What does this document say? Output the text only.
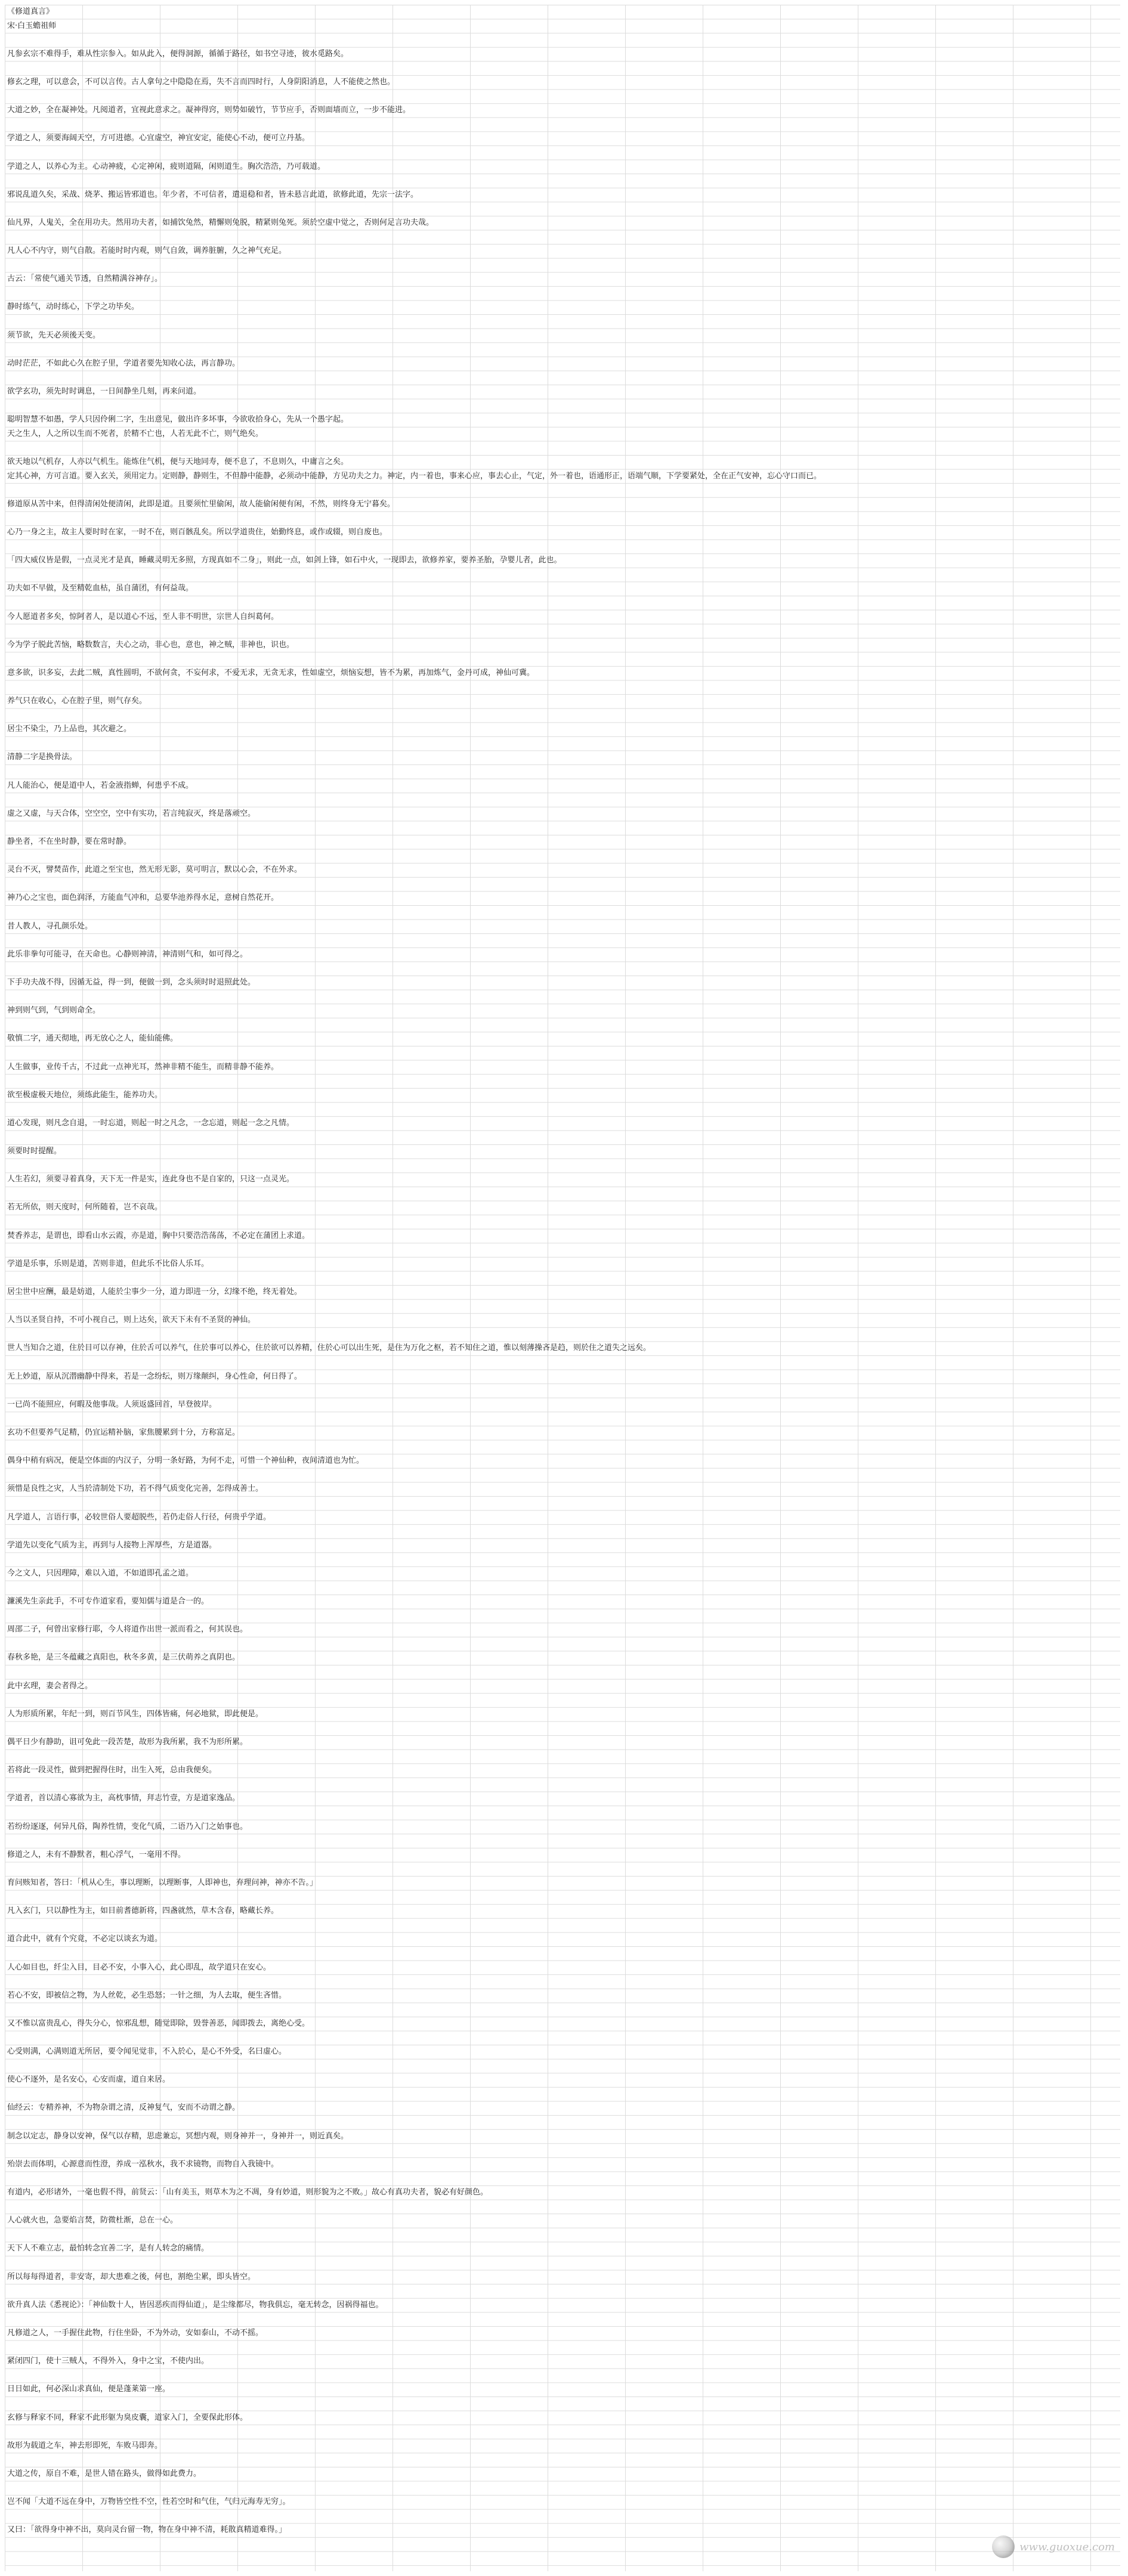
《修道真言》
宋·白玉蟾祖师
凡参玄宗不难得手，难从性宗参入。如从此入，便得洞源，循循于路径，如书空寻迹，彼水觅路矣。
修玄之理，可以意会，不可以言传。古人拿句之中隐隐在焉，失不言而四时行，人身阴阳消息，人不能使之然也。
大道之妙，全在凝神处。凡阅道者，宜视此意求之。凝神得窍，则势如破竹，节节应手，否则面墙而立，一步不能进。
学道之人，须要海阔天空，方可进德。心宜虚空，神宜安定，能使心不动，便可立丹基。
学道之人，以养心为主。心动神疲，心定神闲，疲则道隔，闲则道生。胸次浩浩，乃可载道。
邪说乱道久矣，采战、烧茅、搬运皆邪道也。年少者，不可信者，遣退稳和者，皆未悬言此道，欲修此道，先宗一法字。
仙凡界，人鬼关，全在用功夫。然用功夫者，如捕饮兔然，精懈则兔脱，精紧则兔死。须於空虚中觉之，否则何足言功夫哉。
凡人心不内守，则气自散。若能时时内观，则气自敛，调养脏腑，久之神气充足。
古云：「常使气通关节透，自然精满谷神存」。
静时练气，动时练心，下学之功毕矣。
须节欲，先天必须後天变。
动时茫茫，不如此心久在腔子里，学道者要先知收心法，再言静功。
欲学玄功，须先时时调息，一日间静坐几刻，再来问道。
聪明智慧不如愚，学人只因伶俐二字，生出意见，做出许多坏事，今欲收拾身心，先从一个愚字起。
天之生人，人之所以生而不死者，於精不亡也，人若无此不亡，则气绝矣。
欲天地以气机存，人亦以气机生。能炼住气机，便与天地同寿，便不息了，不息则久，中庸言之矣。
定其心神，方可言道。要入玄关，须用定力。定则静，静则生，不但静中能静，必须动中能静，方见功夫之力。神定，内一着也，事来心应，事去心止，气定，外一着也，语通形正，语端气顺，下学要紧处，全在正气安神，忘心守口而已。
修道原从苦中来，但得清闲处便清闲，此即是道。且要须忙里偷闲，故人能偷闲便有闲，不然，则终身无宁暮矣。
心乃一身之主，故主人要时时在家，一时不在，则百骸乱矣。所以学道贵住，始勤终息，或作或辍，则自废也。
「四大威仪皆是假，一点灵光才是真，睡藏灵明无多照，方现真如不二身」，则此一点，如剑上锋，如石中火，一现即去，欲修养家，要养圣胎，孕婴儿者，此也。
功夫如不早做，及至精乾血枯，虽自蒲团，有何益哉。
今人愿道者多矣，惊阿者人，是以道心不远，至人非不明世，宗世人自纠葛何。
今为学子脱此苦恼，略数数言，夫心之动，非心也，意也，神之贼，非神也，识也。
意多欲，识多妄，去此二贼，真性圆明，不欲何贪，不妄何求，不爱无求，无贪无求，性如虚空，烦恼妄想，皆不为累，再加炼气，金丹可成，神仙可冀。
养气只在收心，心在腔子里，则气存矣。
居尘不染尘，乃上品也，其次避之。
清静二字是换骨法。
凡人能治心，便是道中人，若金液指蝉，何患乎不成。
虚之又虚，与天合体，空空空，空中有实功，若言纯寂灭，终是落顽空。
静坐者，不在坐时静，要在常时静。
灵台不灭，譬焚苗作，此道之至宝也，然无形无影，莫可明言，默以心会，不在外求。
神乃心之宝也，面色润泽，方能血气冲和，总要华池养得水足，意树自然花开。
昔人教人，寻孔颜乐处。
此乐非拳句可能寻，在天命也。心静则神清，神清则气和，如可得之。
下手功夫战不得，因循无益，得一到，便做一到，念头须时时退照此处。
神到则气到，气到则命全。
敬慎二字，通天彻地，再无放心之人，能仙能佛。
人生做事，业传千古，不过此一点神光耳，然神非精不能生，而精非静不能养。
欲至极虚极天地位，须练此能生，能养功夫。
道心发现，则凡念自退，一时忘道，则起一时之凡念，一念忘道，则起一念之凡情。
须要时时提醒。
人生若幻，须要寻着真身，天下无一件是实，连此身也不是自家的，只这一点灵光。
若无所依，则天度时，何所随着，岂不哀哉。
焚香养志，是谓也，即看山水云霞，亦是道，胸中只要浩浩荡荡，不必定在蒲团上求道。
学道是乐事，乐则是道，苦则非道，但此乐不比俗人乐耳。
居尘世中应酬，最是妨道，人能於尘事少一分，道力即进一分，幻缘不绝，终无着处。
人当以圣贤自持，不可小视自己，则上达矣，欲天下未有不圣贤的神仙。
世人当知合之道，住於目可以存神，住於舌可以养气，住於事可以养心，住於欲可以养精，住於心可以出生死，是住为万化之枢，若不知住之道，惟以刻薄操吝是趋，则於住之道失之远矣。
无上妙道，原从沉潜幽静中得来，若是一念纷纭，则万缘颠纠，身心性命，何日得了。
一已尚不能照应，何暇及他事哉。人须返盛回首，早登彼岸。
玄功不但要养气足精，仍宜运精补脑，家焦腰累到十分，方称富足。
偶身中稍有病况，便是空体面的内汉子，分明一条好路，为何不走，可惜一个神仙种，夜间清道也为忙。
须惜是良性之灾，人当於清制处下功，若不得气质变化完善，怎得成善士。
凡学道人，言语行事，必较世俗人要超脱些，若仍走俗人行径，何贵乎学道。
学道先以变化气质为主，再到与人接物上浑厚些，方是道器。
今之文人，只因理障，难以入道，不如道即孔孟之道。
濂溪先生亲此手，不可专作道家看，要知儒与道是合一的。
周邵二子，何曾出家修行耶，今人将道作出世一派而看之，何其误也。
春秋多艳，是三冬蕴藏之真阳也，秋冬多黄，是三伏萌养之真阴也。
此中玄理，妻会者得之。
人为形质所累，年纪一到，则百节风生，四体皆痛，何必地狱，即此便是。
偶平日少有静助，诅可免此一段苦楚，故形为我所累，我不为形所累。
若将此一段灵性，做到把握得住时，出生入死，总由我便矣。
学道者，首以清心寡欲为主，高枕事情，拜志竹壹，方是道家逸品。
若纷纷逐逐，何异凡俗，陶养性情，变化气质，二语乃入门之始事也。
修道之人，未有不静默者，粗心浮气，一毫用不得。
育问赅知者，答曰：「机从心生，事以理断，以理断事，人即神也，弃理问神，神亦不告。」
凡入玄门，只以静性为主，如目前耆德新将，四盏就然，草木含春，略藏长养。
道合此中，就有个究竟，不必定以谈玄为道。
人心如目也，纤尘入目，目必不安，小事入心，此心即乱，故学道只在安心。
若心不安，即被信之物，为人丝乾，必生恐怒；一针之细，为人去取，便生吝惜。
又不惟以富贵乱心，得失分心，惊邪乱想，随觉即除，毁誉善恶，闻即拨去，离绝心受。
心受则满，心满则道无所居，要令闻见觉非，不入於心，是心不外受，名曰虚心。
使心不逐外，是名安心，心安而虚，道自来居。
仙经云：专精养神，不为物杂谓之清，反神复气，安而不动谓之静。
制念以定志，静身以安神，保气以存精，思虑兼忘，冥想内观，则身神并一，身神并一，则近真矣。
殆崇去而体明，心源意而性澄，养成一泓秋水，我不求镜物，而物自入我镜中。
有道内，必形诸外，一毫也假不得，前贤云：「山有美玉，则草木为之不凋，身有妙道，则形貌为之不败。」故心有真功夫者，貌必有好颜色。
人心就火也，急要焰言焚，防微杜渐，总在一心。
天下人不难立志，最怕转念宜善二字，是有人转念的痛情。
所以每每得道者，非安寄，却大患难之後，何也，割绝尘累，即头皆空。
欲升真人法《悉视论》：「神仙数十人，皆因恶疾而得仙道」，是尘缘都尽，物我俱忘，毫无转念，因祸得福也。
凡修道之人，一手握住此物，行住坐卧，不为外动，安如泰山，不动不摇。
紧闭四门，使十三贼人，不得外入，身中之宝，不使内出。
日日如此，何必深山求真仙，便是蓬莱第一座。
玄修与释家不同，释家不此形躯为臭皮囊，道家入门，全要保此形体。
故形为载道之车，神去形即死，车败马即奔。
大道之传，原自不难，是世人错在路头，做得如此费力。
岂不闻「大道不远在身中，万物皆空性不空，性若空时和气住，气归元海寿无穷」。
又曰：「欲得身中神不出，莫向灵台留一物，物在身中神不清，耗散真精道难得。」
www.guoxue.com
